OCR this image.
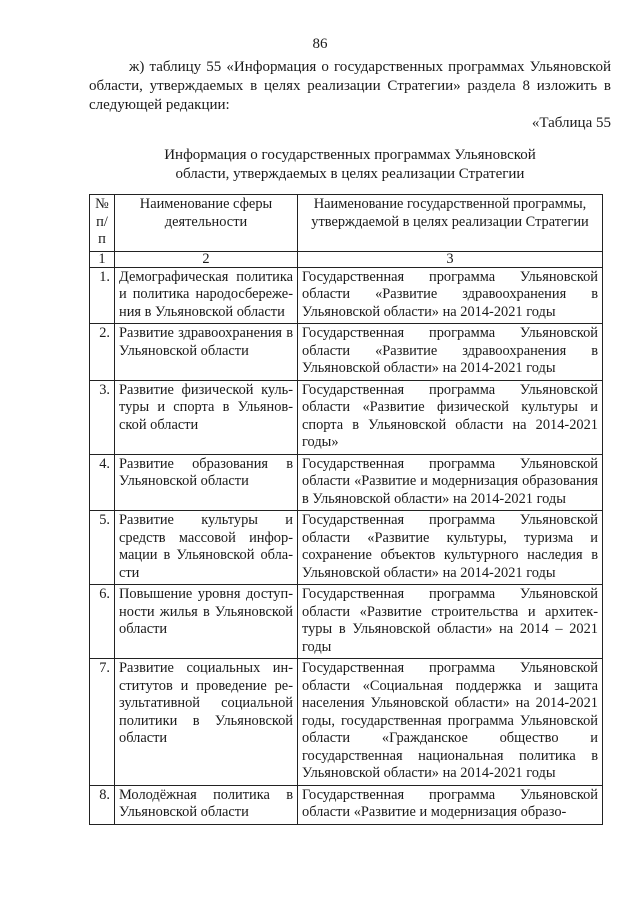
86

ж) таблицу 55 «Информация о государственных программах Ульяновской области, утверждаемых в целях реализации Стратегии» раздела 8 изложить в следующей редакции:

«Таблица 55
Информация о государственных программах Ульяновской
области, утверждаемых в целях реализации Стратегии
№ п/п	Наименование сферы деятельности	Наименование государственной программы, утверждаемой в целях реализации Стратегии
1	2	3
1.	Демографическая политика и политика народосбережения в Ульяновской области	Государственная программа Ульяновской области «Развитие здравоохранения в Ульяновской области» на 2014-2021 годы
2.	Развитие здравоохранения в Ульяновской области	Государственная программа Ульяновской области «Развитие здравоохранения в Ульяновской области» на 2014-2021 годы
3.	Развитие физической культуры и спорта в Ульяновской области	Государственная программа Ульяновской области «Развитие физической культуры и спорта в Ульяновской области на 2014-2021 годы»
4.	Развитие образования в Ульяновской области	Государственная программа Ульяновской области «Развитие и модернизация образования в Ульяновской области» на 2014-2021 годы
5.	Развитие культуры и средств массовой информации в Ульяновской области	Государственная программа Ульяновской области «Развитие культуры, туризма и сохранение объектов культурного наследия в Ульяновской области» на 2014-2021 годы
6.	Повышение уровня доступности жилья в Ульяновской области	Государственная программа Ульяновской области «Развитие строительства и архитектуры в Ульяновской области» на 2014 – 2021 годы
7.	Развитие социальных институтов и проведение результативной социальной политики в Ульяновской области	Государственная программа Ульяновской области «Социальная поддержка и защита населения Ульяновской области» на 2014-2021 годы, государственная программа Ульяновской области «Гражданское общество и государственная национальная политика в Ульяновской области» на 2014-2021 годы
8.	Молодёжная политика в Ульяновской области	Государственная программа Ульяновской области «Развитие и модернизация образо-
